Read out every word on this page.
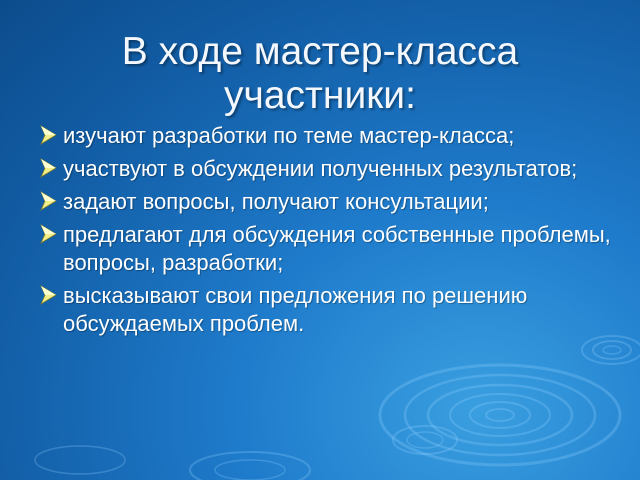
В ходе мастер-класса участники:
изучают разработки по теме мастер-класса;
участвуют в обсуждении полученных результатов;
задают вопросы, получают консультации;
предлагают для обсуждения собственные проблемы, вопросы, разработки;
высказывают свои предложения по решению обсуждаемых проблем.
